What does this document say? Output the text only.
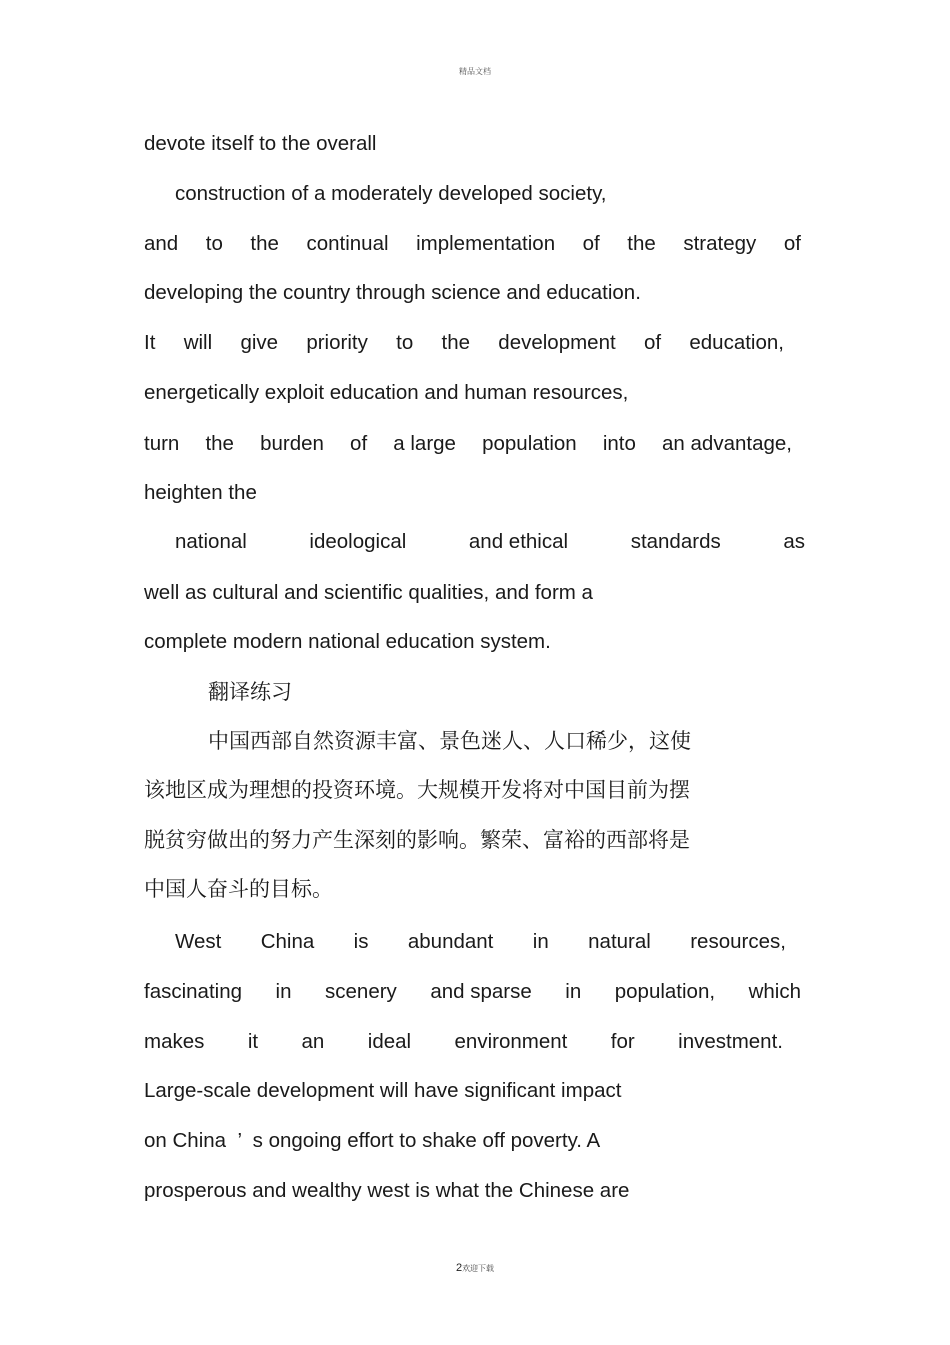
精品文档
devote itself to the overall
construction of a moderately developed society,
and to the continual implementation of the strategy of
developing the country through science and education.
It will give priority to the development of education,
energetically exploit education and human resources,
turn the burden of a large population into an advantage,
heighten the
national	ideological	and ethical	standards	as
well as cultural and scientific qualities, and form a
complete modern national education system.
翻译练习
中国西部自然资源丰富、景色迷人、人口稀少，这使
该地区成为理想的投资环境。大规模开发将对中国目前为摆
脱贫穷做出的努力产生深刻的影响。繁荣、富裕的西部将是
中国人奋斗的目标。
West China is abundant in natural resources,
fascinating in scenery and sparse in population, which
makes it an ideal environment for investment.
Large-scale development will have significant impact
on China  ’  s ongoing effort to shake off poverty. A
prosperous and wealthy west is what the Chinese are
2欢迎下载
